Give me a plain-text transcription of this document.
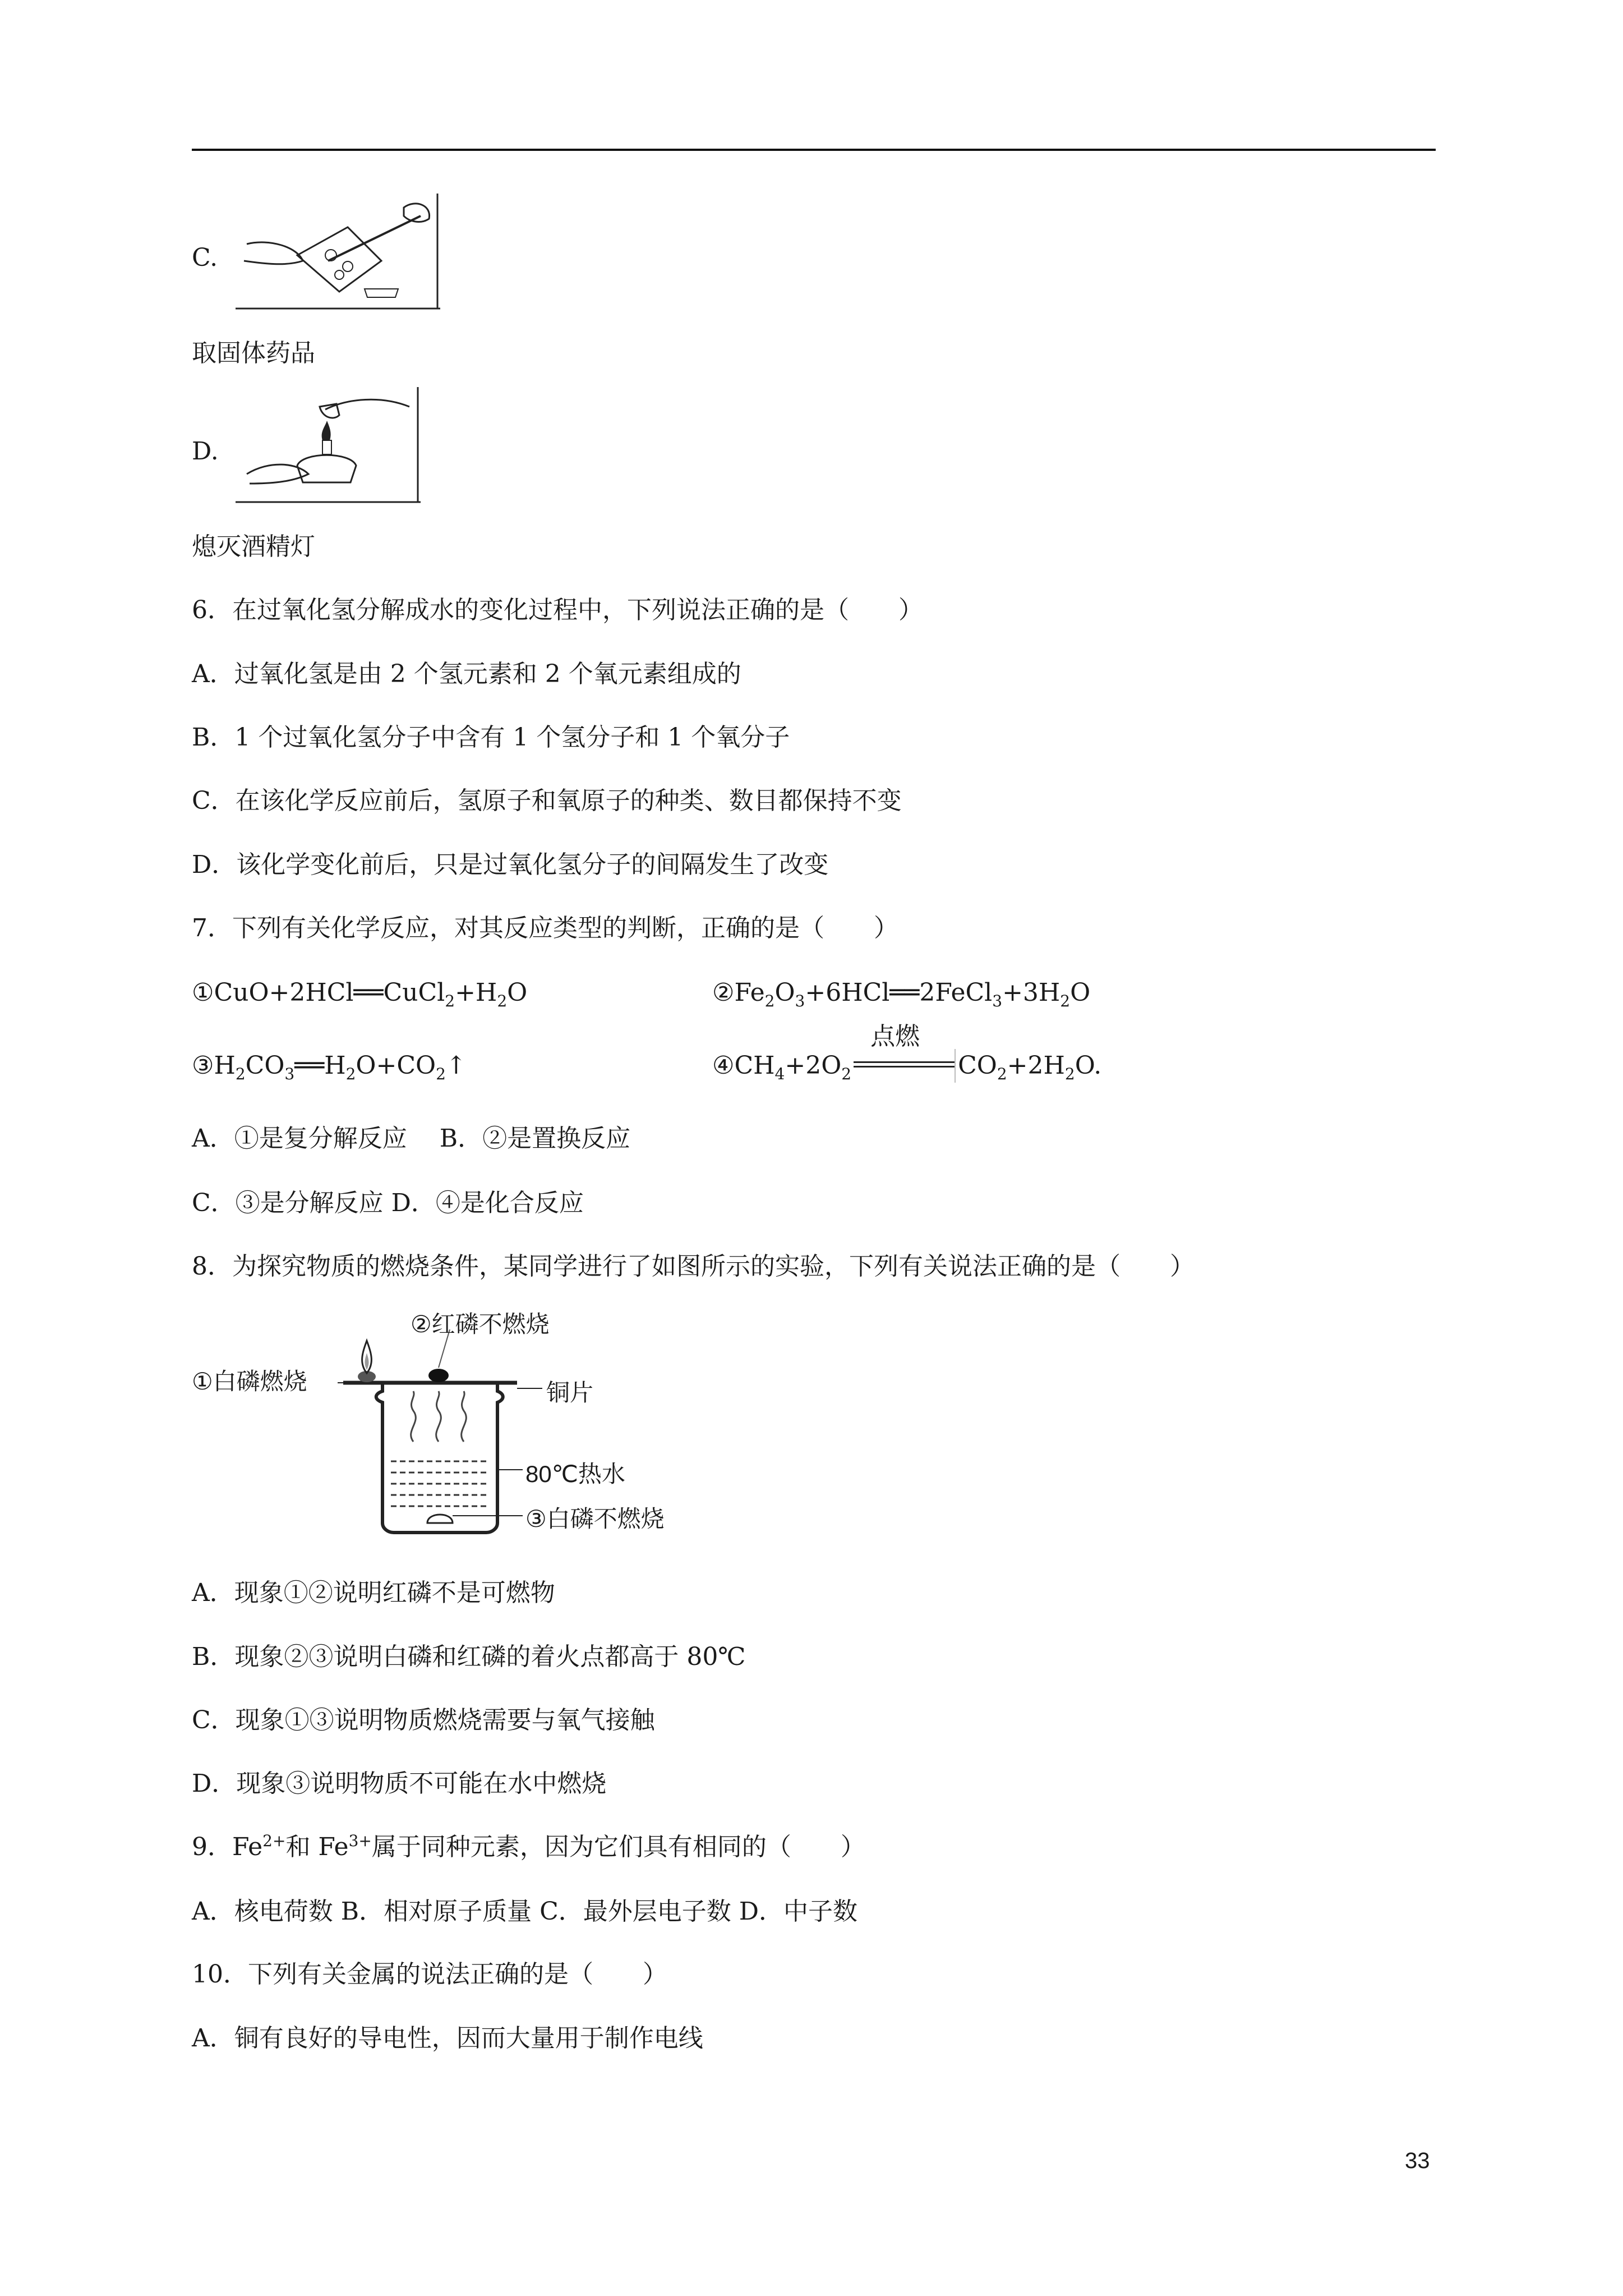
C.
取固体药品
D.
熄灭酒精灯
6．在过氧化氢分解成水的变化过程中，下列说法正确的是（　　）
A．过氧化氢是由 2 个氢元素和 2 个氧元素组成的
B．1 个过氧化氢分子中含有 1 个氢分子和 1 个氧分子
C．在该化学反应前后，氢原子和氧原子的种类、数目都保持不变
D．该化学变化前后，只是过氧化氢分子的间隔发生了改变
7．下列有关化学反应，对其反应类型的判断，正确的是（　　）
$①CuO+2HCl══CuCl_2+H_2O$	$②Fe_2O_3+6HCl══2FeCl_3+3H_2O$
$③H_2CO_3══H_2O+CO_2↑$	$④CH_4+2O_2$
点燃
$CO_2+2H_2O$.
A．①是复分解反应　 B．②是置换反应
C．③是分解反应 D．④是化合反应
8．为探究物质的燃烧条件，某同学进行了如图所示的实验，下列有关说法正确的是（　　）
①白磷燃烧
②红磷不燃烧
铜片
80℃热水
③白磷不燃烧
A．现象①②说明红磷不是可燃物
B．现象②③说明白磷和红磷的着火点都高于 80℃
C．现象①③说明物质燃烧需要与氧气接触
D．现象③说明物质不可能在水中燃烧
9．$Fe^{2+}$和 $Fe^{3+}$属于同种元素，因为它们具有相同的（　　）
A．核电荷数 B．相对原子质量 C．最外层电子数 D．中子数
10．下列有关金属的说法正确的是（　　）
A．铜有良好的导电性，因而大量用于制作电线
33
